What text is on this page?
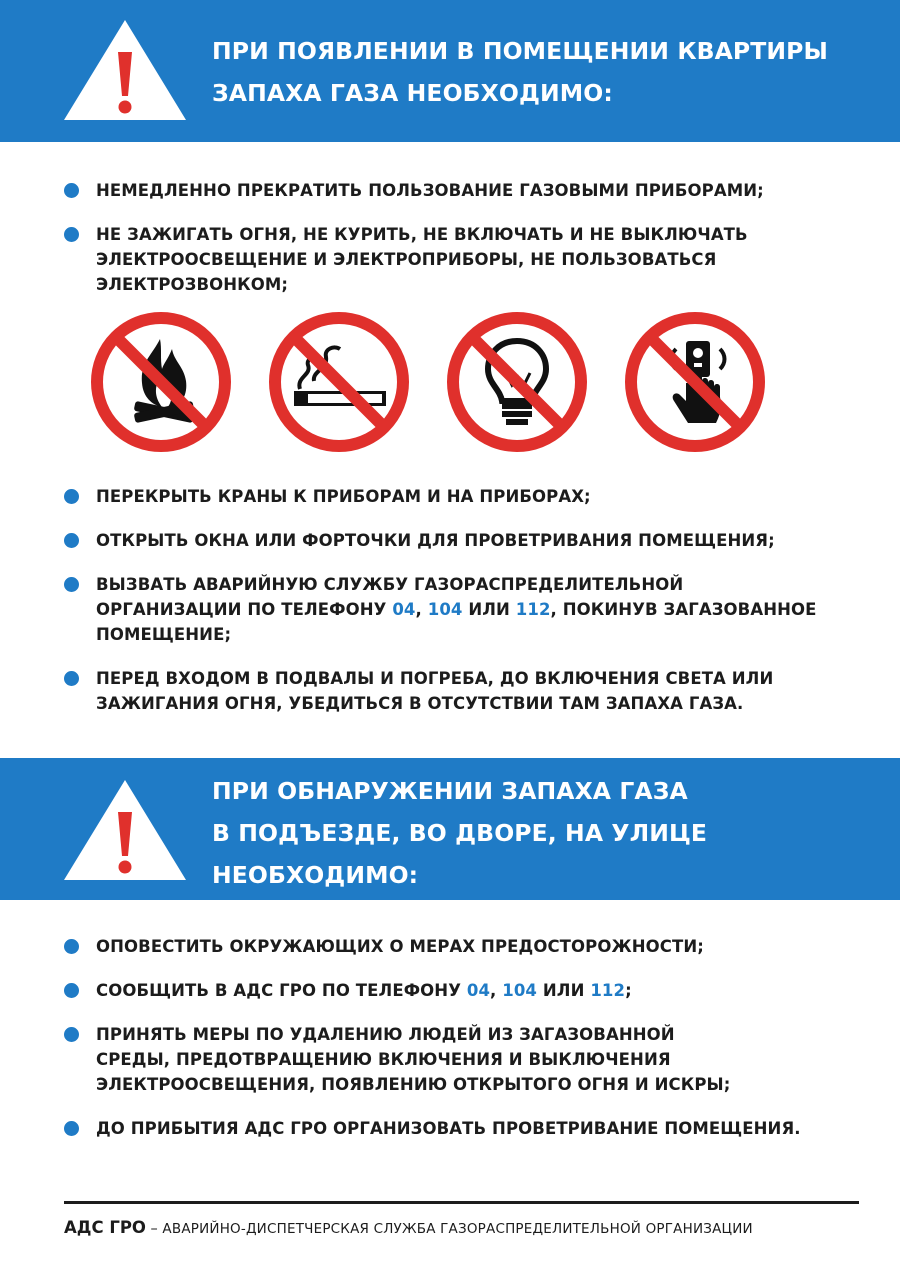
ПРИ ПОЯВЛЕНИИ В ПОМЕЩЕНИИ КВАРТИРЫ
ЗАПАХА ГАЗА НЕОБХОДИМО:
НЕМЕДЛЕННО ПРЕКРАТИТЬ ПОЛЬЗОВАНИЕ ГАЗОВЫМИ ПРИБОРАМИ;
НЕ ЗАЖИГАТЬ ОГНЯ, НЕ КУРИТЬ, НЕ ВКЛЮЧАТЬ И НЕ ВЫКЛЮЧАТЬ
ЭЛЕКТРООСВЕЩЕНИЕ И ЭЛЕКТРОПРИБОРЫ, НЕ ПОЛЬЗОВАТЬСЯ
ЭЛЕКТРОЗВОНКОМ;
ПЕРЕКРЫТЬ КРАНЫ К ПРИБОРАМ И НА ПРИБОРАХ;
ОТКРЫТЬ ОКНА ИЛИ ФОРТОЧКИ ДЛЯ ПРОВЕТРИВАНИЯ ПОМЕЩЕНИЯ;
ВЫЗВАТЬ АВАРИЙНУЮ СЛУЖБУ ГАЗОРАСПРЕДЕЛИТЕЛЬНОЙ
ОРГАНИЗАЦИИ ПО ТЕЛЕФОНУ 04, 104 ИЛИ 112, ПОКИНУВ ЗАГАЗОВАННОЕ
ПОМЕЩЕНИЕ;
ПЕРЕД ВХОДОМ В ПОДВАЛЫ И ПОГРЕБА, ДО ВКЛЮЧЕНИЯ СВЕТА ИЛИ
ЗАЖИГАНИЯ ОГНЯ, УБЕДИТЬСЯ В ОТСУТСТВИИ ТАМ ЗАПАХА ГАЗА.
ПРИ ОБНАРУЖЕНИИ ЗАПАХА ГАЗА
В ПОДЪЕЗДЕ, ВО ДВОРЕ, НА УЛИЦЕ
НЕОБХОДИМО:
ОПОВЕСТИТЬ ОКРУЖАЮЩИХ О МЕРАХ ПРЕДОСТОРОЖНОСТИ;
СООБЩИТЬ В АДС ГРО ПО ТЕЛЕФОНУ 04, 104 ИЛИ 112;
ПРИНЯТЬ МЕРЫ ПО УДАЛЕНИЮ ЛЮДЕЙ ИЗ ЗАГАЗОВАННОЙ
СРЕДЫ, ПРЕДОТВРАЩЕНИЮ ВКЛЮЧЕНИЯ И ВЫКЛЮЧЕНИЯ
ЭЛЕКТРООСВЕЩЕНИЯ, ПОЯВЛЕНИЮ ОТКРЫТОГО ОГНЯ И ИСКРЫ;
ДО ПРИБЫТИЯ АДС ГРО ОРГАНИЗОВАТЬ ПРОВЕТРИВАНИЕ ПОМЕЩЕНИЯ.
АДС ГРО – АВАРИЙНО-ДИСПЕТЧЕРСКАЯ СЛУЖБА ГАЗОРАСПРЕДЕЛИТЕЛЬНОЙ ОРГАНИЗАЦИИ
